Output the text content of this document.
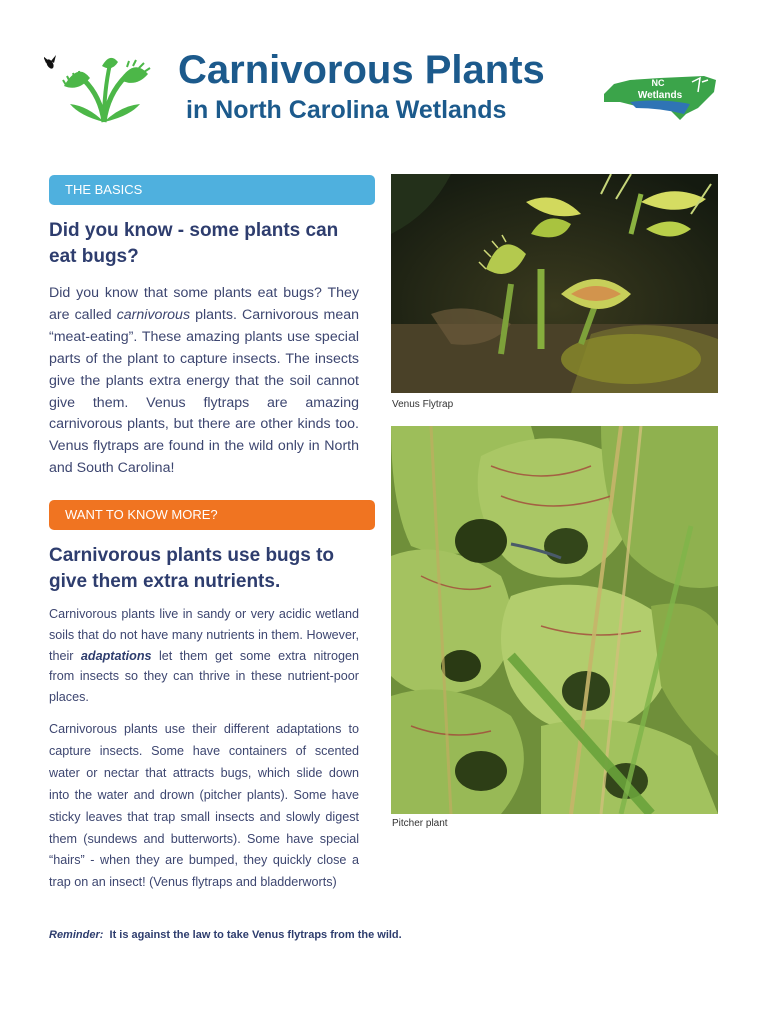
Carnivorous Plants
in North Carolina Wetlands
NC
Wetlands
THE BASICS
Did you know - some plants can eat bugs?

Did you know that some plants eat bugs? They are called carnivorous plants. Carnivorous mean “meat-eating”. These amazing plants use special parts of the plant to capture insects. The insects give the plants extra energy that the soil cannot give them. Venus flytraps are amazing carnivorous plants, but there are other kinds too. Venus flytraps are found in the wild only in North and South Carolina!

WANT TO KNOW MORE?
Carnivorous plants use bugs to give them extra nutrients.

Carnivorous plants live in sandy or very acidic wetland soils that do not have many nutrients in them. However, their adaptations let them get some extra nitrogen from insects so they can thrive in these nutrient-poor places.

Carnivorous plants use their different adaptations to capture insects. Some have containers of scented water or nectar that attracts bugs, which slide down into the water and drown (pitcher plants). Some have sticky leaves that trap small insects and slowly digest them (sundews and butterworts). Some have special “hairs” - when they are bumped, they quickly close a trap on an insect! (Venus flytraps and bladderworts)

Reminder: It is against the law to take Venus flytraps from the wild.
Venus Flytrap
Pitcher plant
